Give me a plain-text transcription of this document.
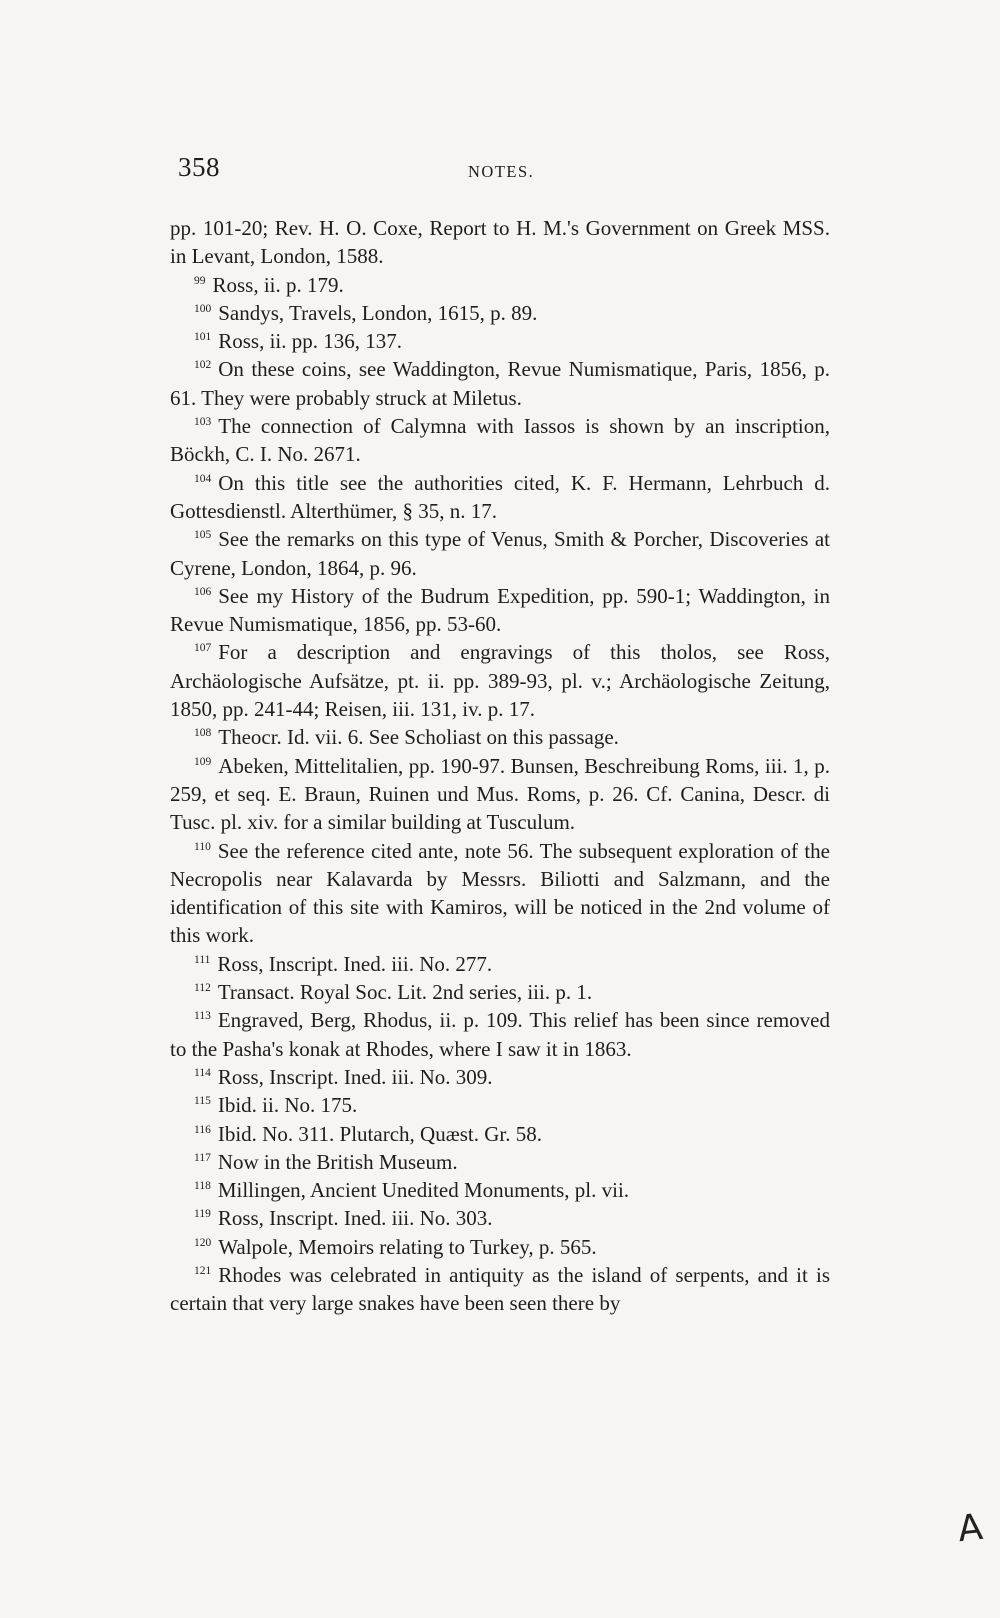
358	NOTES.

pp. 101-20; Rev. H. O. Coxe, Report to H. M.'s Government on Greek MSS. in Levant, London, 1588.

$^{99}$ Ross, ii. p. 179.

$^{100}$ Sandys, Travels, London, 1615, p. 89.

$^{101}$ Ross, ii. pp. 136, 137.

$^{102}$ On these coins, see Waddington, Revue Numismatique, Paris, 1856, p. 61. They were probably struck at Miletus.

$^{103}$ The connection of Calymna with Iassos is shown by an inscription, Böckh, C. I. No. 2671.

$^{104}$ On this title see the authorities cited, K. F. Hermann, Lehrbuch d. Gottesdienstl. Alterthümer, § 35, n. 17.

$^{105}$ See the remarks on this type of Venus, Smith & Porcher, Discoveries at Cyrene, London, 1864, p. 96.

$^{106}$ See my History of the Budrum Expedition, pp. 590-1; Waddington, in Revue Numismatique, 1856, pp. 53-60.

$^{107}$ For a description and engravings of this tholos, see Ross, Archäologische Aufsätze, pt. ii. pp. 389-93, pl. v.; Archäologische Zeitung, 1850, pp. 241-44; Reisen, iii. 131, iv. p. 17.

$^{108}$ Theocr. Id. vii. 6. See Scholiast on this passage.

$^{109}$ Abeken, Mittelitalien, pp. 190-97. Bunsen, Beschreibung Roms, iii. 1, p. 259, et seq. E. Braun, Ruinen und Mus. Roms, p. 26. Cf. Canina, Descr. di Tusc. pl. xiv. for a similar building at Tusculum.

$^{110}$ See the reference cited ante, note 56. The subsequent exploration of the Necropolis near Kalavarda by Messrs. Biliotti and Salzmann, and the identification of this site with Kamiros, will be noticed in the 2nd volume of this work.

$^{111}$ Ross, Inscript. Ined. iii. No. 277.

$^{112}$ Transact. Royal Soc. Lit. 2nd series, iii. p. 1.

$^{113}$ Engraved, Berg, Rhodus, ii. p. 109. This relief has been since removed to the Pasha's konak at Rhodes, where I saw it in 1863.

$^{114}$ Ross, Inscript. Ined. iii. No. 309.

$^{115}$ Ibid. ii. No. 175.

$^{116}$ Ibid. No. 311. Plutarch, Quæst. Gr. 58.

$^{117}$ Now in the British Museum.

$^{118}$ Millingen, Ancient Unedited Monuments, pl. vii.

$^{119}$ Ross, Inscript. Ined. iii. No. 303.

$^{120}$ Walpole, Memoirs relating to Turkey, p. 565.

$^{121}$ Rhodes was celebrated in antiquity as the island of serpents, and it is certain that very large snakes have been seen there by

A
